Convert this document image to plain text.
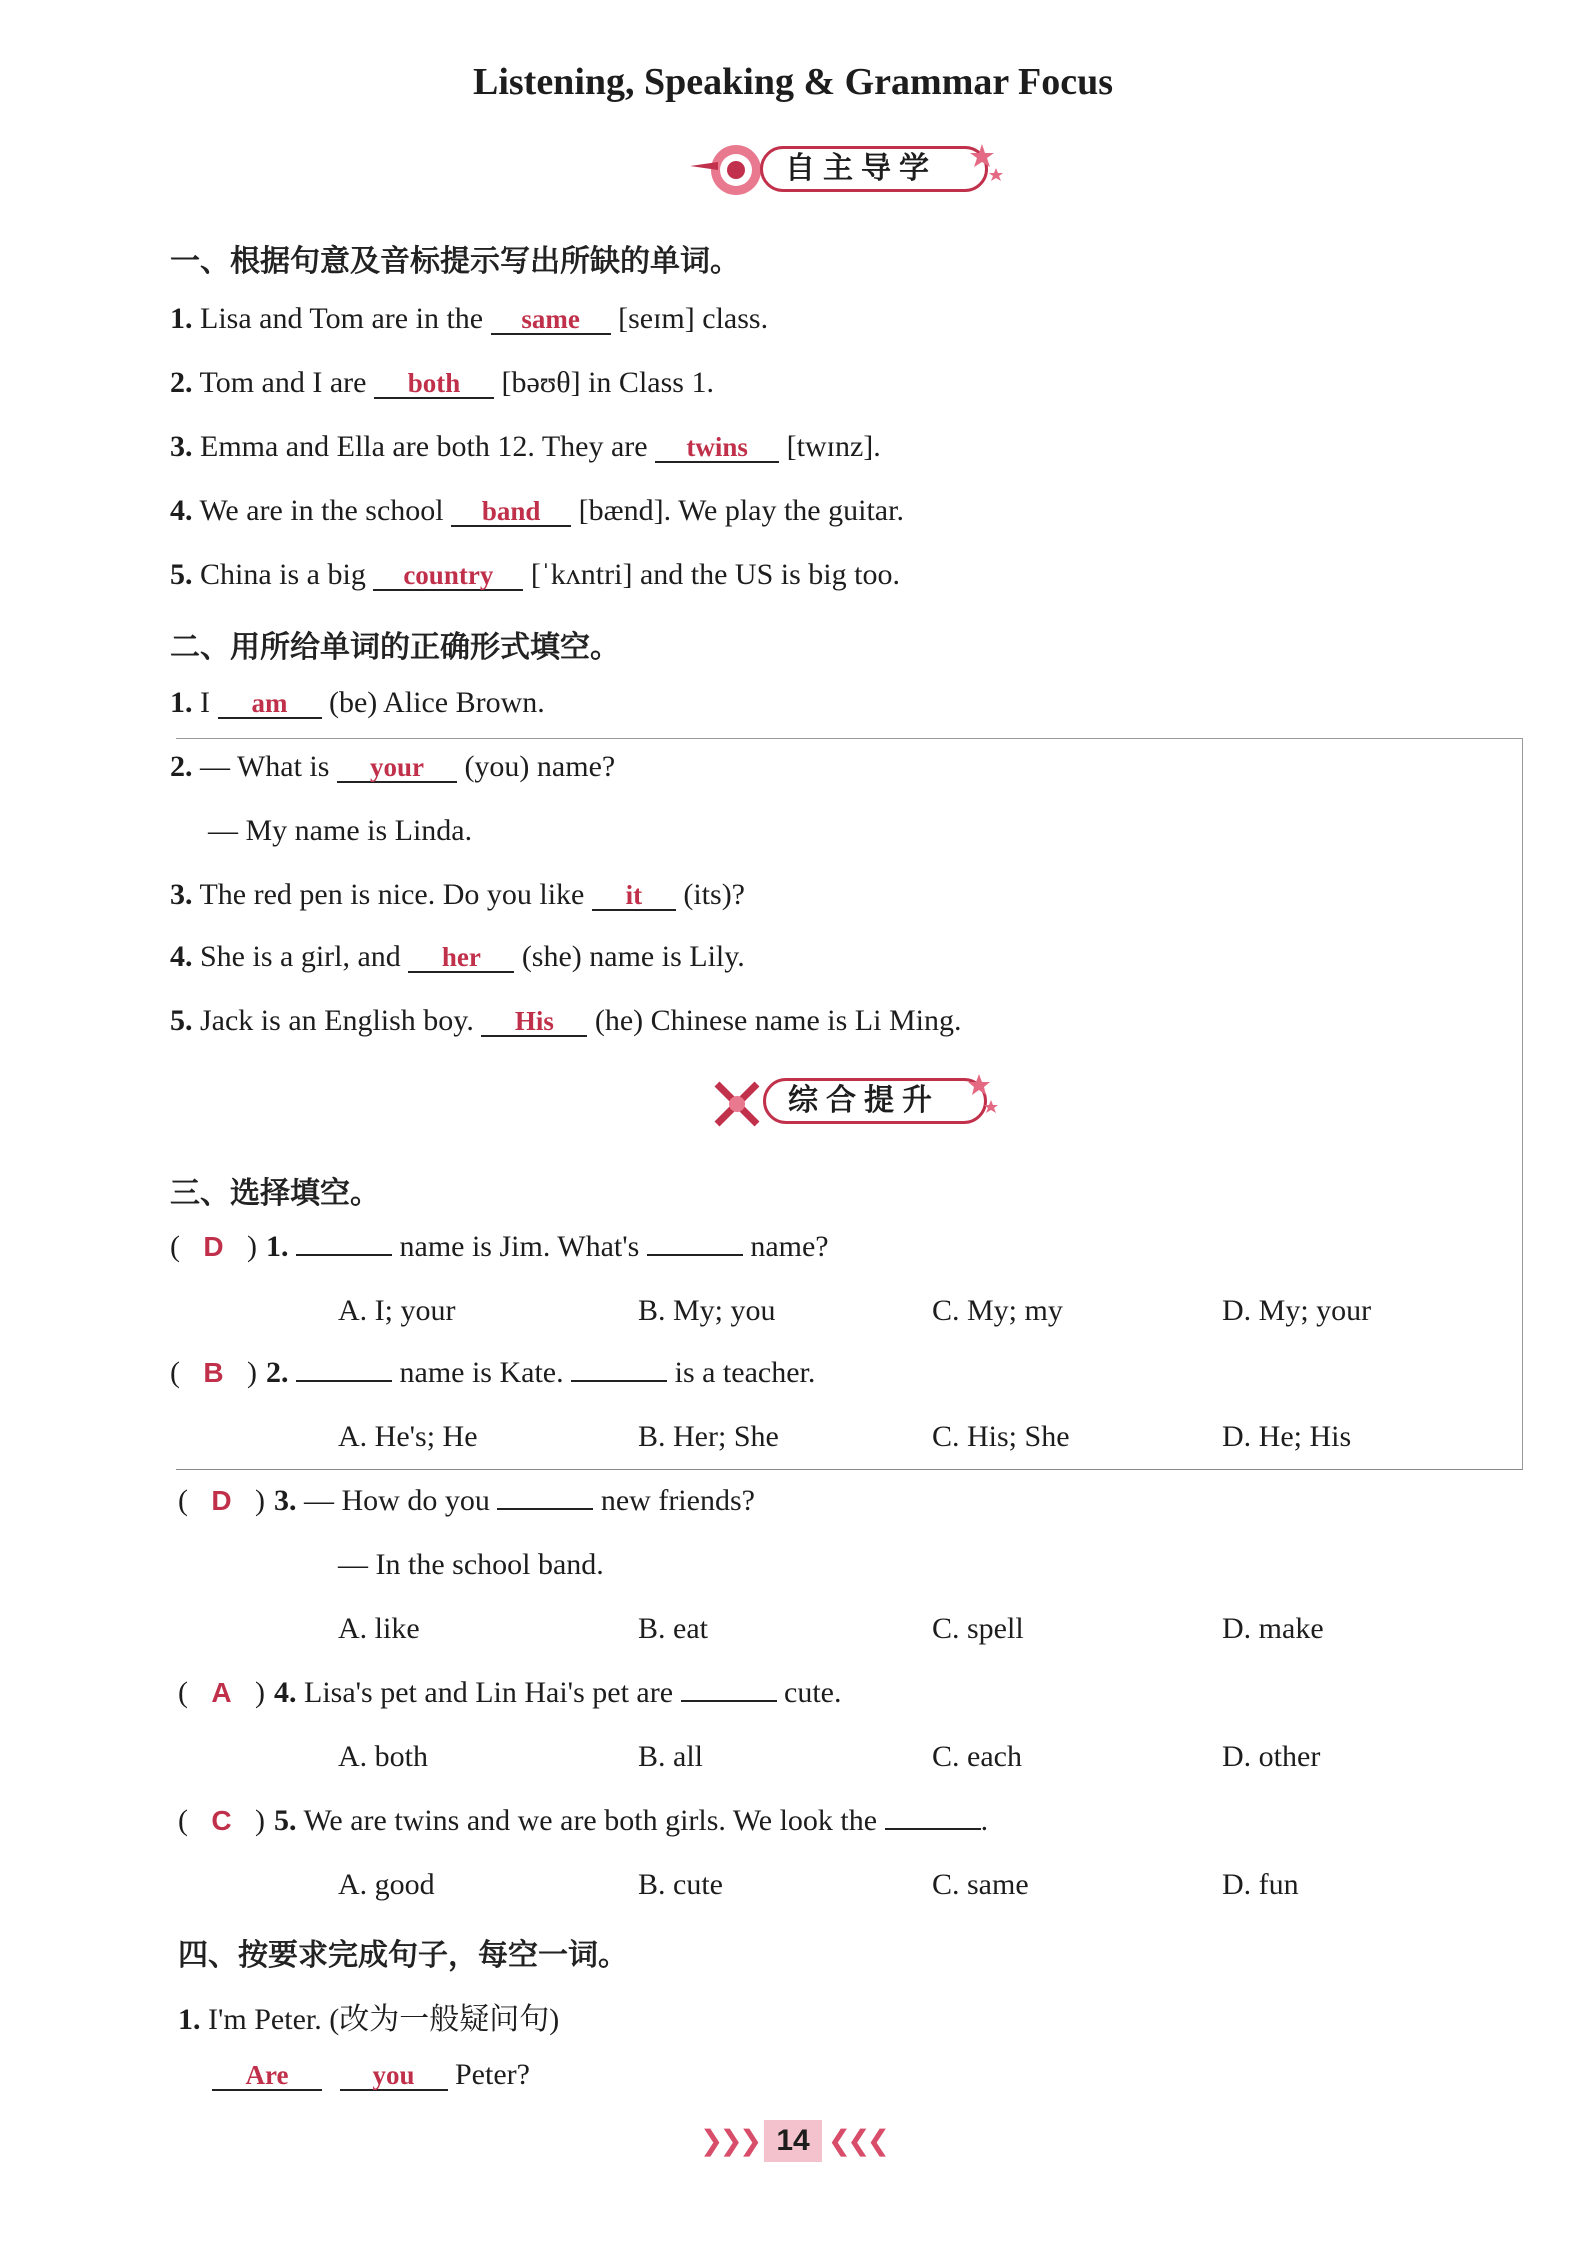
Listening, Speaking & Grammar Focus
自主导学
一、根据句意及音标提示写出所缺的单词。
1. Lisa and Tom are in the same [seɪm] class.
2. Tom and I are both [bəʊθ] in Class 1.
3. Emma and Ella are both 12. They are twins [twɪnz].
4. We are in the school band [bænd]. We play the guitar.
5. China is a big country [ˈkʌntri] and the US is big too.
二、用所给单词的正确形式填空。
1. I am (be) Alice Brown.
2. — What is your (you) name?
— My name is Linda.
3. The red pen is nice. Do you like it (its)?
4. She is a girl, and her (she) name is Lily.
5. Jack is an English boy. His (he) Chinese name is Li Ming.
综合提升
三、选择填空。
( D ) 1.	name is Jim. What's	name?
A. I; your	B. My; you	C. My; my	D. My; your
( B ) 2.	name is Kate.	is a teacher.
A. He's; He	B. Her; She	C. His; She	D. He; His
( D ) 3. — How do you	new friends?
— In the school band.
A. like	B. eat	C. spell	D. make
( A ) 4. Lisa's pet and Lin Hai's pet are	cute.
A. both	B. all	C. each	D. other
( C ) 5. We are twins and we are both girls. We look the	.
A. good	B. cute	C. same	D. fun
四、按要求完成句子，每空一词。
1. I'm Peter. (改为一般疑问句)
Are	you Peter?
❯❯❯ 14 ❮❮❮
